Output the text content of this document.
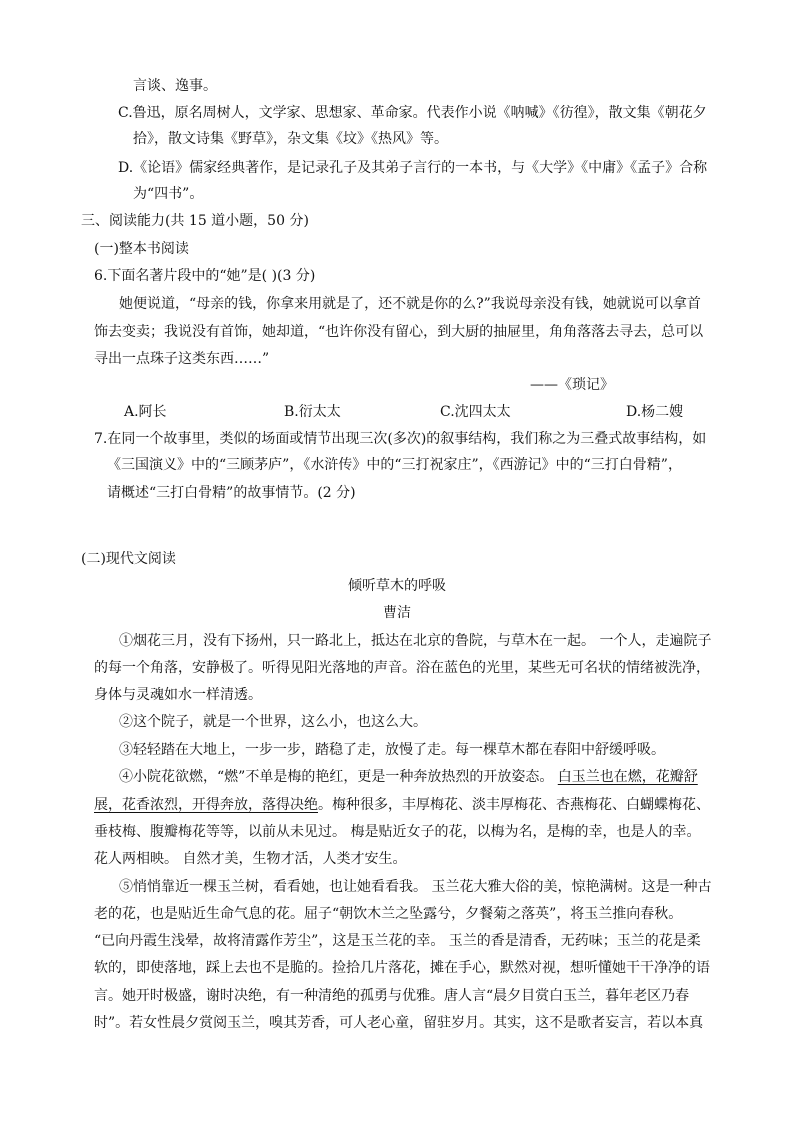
言谈、逸事。
C.鲁迅，原名周树人，文学家、思想家、革命家。代表作小说《呐喊》《彷徨》，散文集《朝花夕
拾》，散文诗集《野草》，杂文集《坟》《热风》等。
D.《论语》儒家经典著作，是记录孔子及其弟子言行的一本书，与《大学》《中庸》《孟子》合称
为“四书”。
三、阅读能力(共 15 道小题，50 分)
(一)整本书阅读
6.下面名著片段中的“她”是( )(3 分)
她便说道，“母亲的钱，你拿来用就是了，还不就是你的么?”我说母亲没有钱，她就说可以拿首
饰去变卖；我说没有首饰，她却道，“也许你没有留心，到大厨的抽屉里，角角落落去寻去，总可以
寻出一点珠子这类东西……”
——《琐记》
A.阿长	B.衍太太	C.沈四太太	D.杨二嫂
7.在同一个故事里，类似的场面或情节出现三次(多次)的叙事结构，我们称之为三叠式故事结构，如
《三国演义》中的“三顾茅庐”，《水浒传》中的“三打祝家庄”，《西游记》中的“三打白骨精”，
请概述“三打白骨精”的故事情节。(2 分)
(二)现代文阅读
倾听草木的呼吸
曹洁
①烟花三月，没有下扬州，只一路北上，抵达在北京的鲁院，与草木在一起。 一个人，走遍院子
的每一个角落，安静极了。听得见阳光落地的声音。浴在蓝色的光里，某些无可名状的情绪被洗净，
身体与灵魂如水一样清透。
②这个院子，就是一个世界，这么小，也这么大。
③轻轻踏在大地上，一步一步，踏稳了走，放慢了走。每一棵草木都在春阳中舒缓呼吸。
④小院花欲燃，“燃”不单是梅的艳红，更是一种奔放热烈的开放姿态。 白玉兰也在燃，花瓣舒
展，花香浓烈，开得奔放，落得决绝。梅种很多，丰厚梅花、淡丰厚梅花、杏燕梅花、白蝴蝶梅花、
垂枝梅、腹瓣梅花等等，以前从未见过。 梅是贴近女子的花，以梅为名，是梅的幸，也是人的幸。
花人两相映。 自然才美，生物才活，人类才安生。
⑤悄悄靠近一棵玉兰树，看看她，也让她看看我。 玉兰花大雅大俗的美，惊艳满树。这是一种古
老的花，也是贴近生命气息的花。屈子“朝饮木兰之坠露兮，夕餐菊之落英”，将玉兰推向春秋。
“已向丹霞生浅晕，故将清露作芳尘”，这是玉兰花的幸。 玉兰的香是清香，无药味；玉兰的花是柔
软的，即使落地，踩上去也不是脆的。捡拾几片落花，摊在手心，默然对视，想听懂她干干净净的语
言。她开时极盛，谢时决绝，有一种清绝的孤勇与优雅。唐人言“晨夕目赏白玉兰，暮年老区乃春
时”。若女性晨夕赏阅玉兰，嗅其芳香，可人老心童，留驻岁月。其实，这不是歌者妄言，若以本真
